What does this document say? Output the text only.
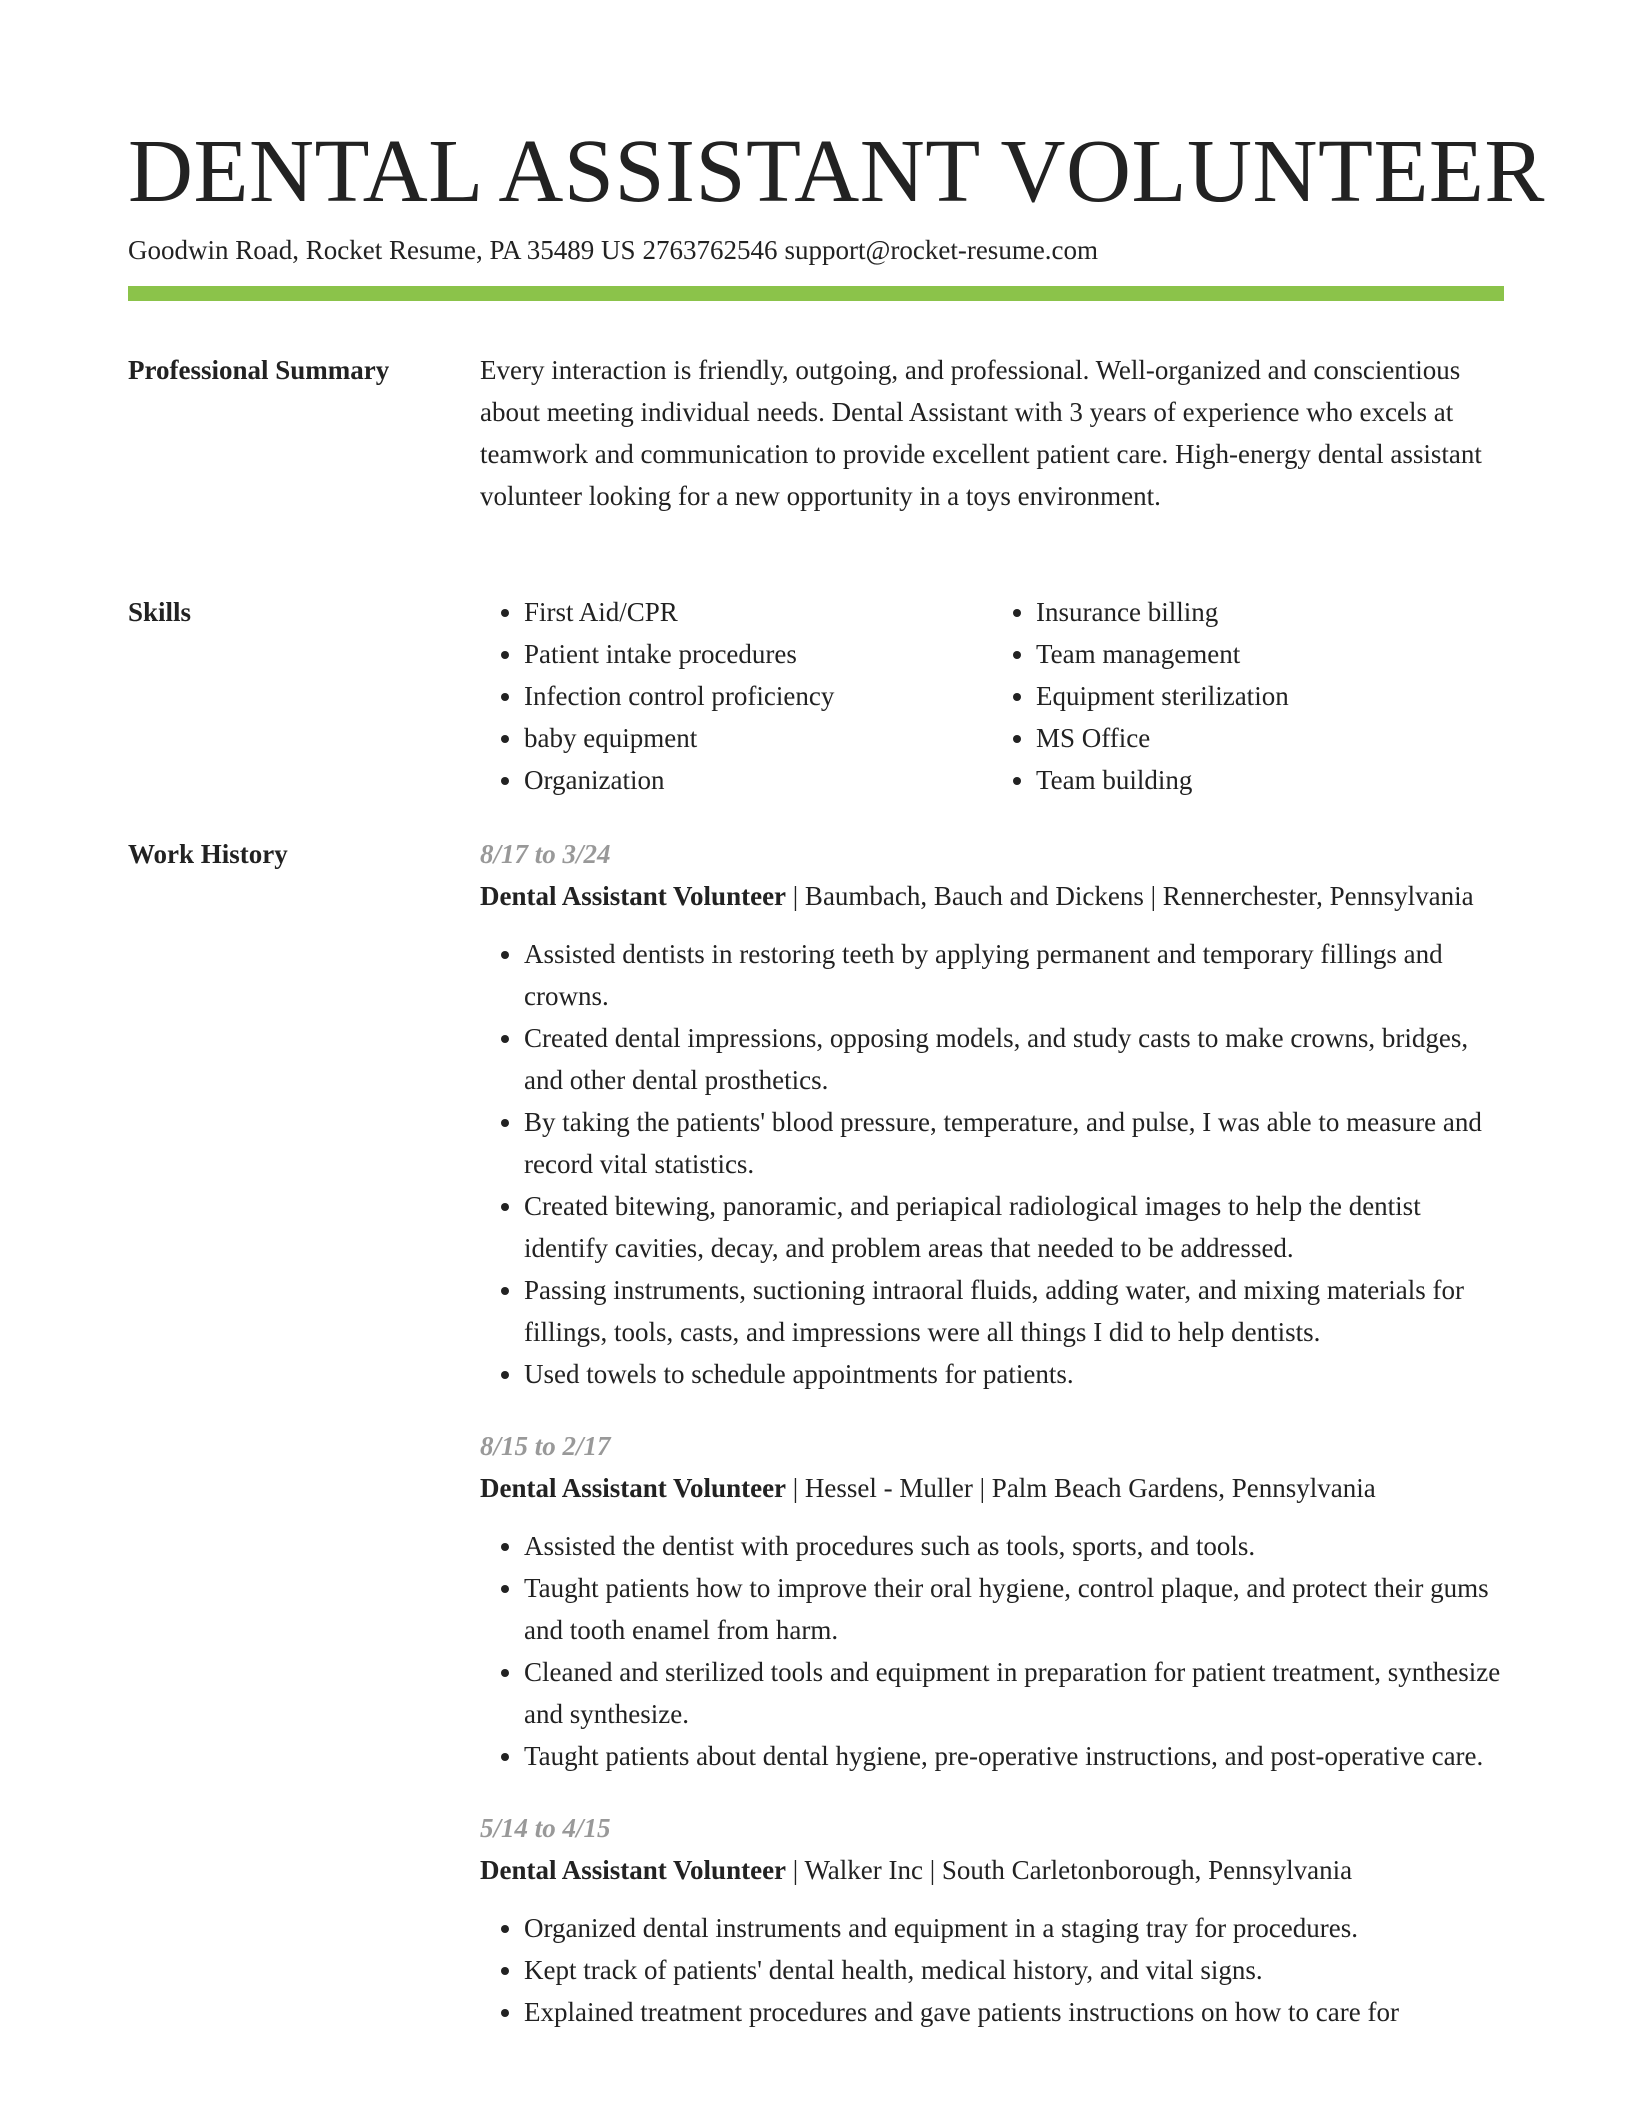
DENTAL ASSISTANT VOLUNTEER
Goodwin Road, Rocket Resume, PA 35489 US 2763762546 support@rocket-resume.com
Professional Summary	Every interaction is friendly, outgoing, and professional. Well-organized and conscientious about meeting individual needs. Dental Assistant with 3 years of experience who excels at teamwork and communication to provide excellent patient care. High-energy dental assistant volunteer looking for a new opportunity in a toys environment.

Skills
•	First Aid/CPR
• Patient intake procedures
• Infection control proficiency
• baby equipment
• Organization
• Insurance billing
• Team management
• Equipment sterilization
• MS Office
• Team building
Work History	8/17 to 3/24
Dental Assistant Volunteer | Baumbach, Bauch and Dickens | Rennerchester, Pennsylvania
• Assisted dentists in restoring teeth by applying permanent and temporary fillings and crowns.
• Created dental impressions, opposing models, and study casts to make crowns, bridges, and other dental prosthetics.
• By taking the patients' blood pressure, temperature, and pulse, I was able to measure and record vital statistics.
• Created bitewing, panoramic, and periapical radiological images to help the dentist identify cavities, decay, and problem areas that needed to be addressed.
• Passing instruments, suctioning intraoral fluids, adding water, and mixing materials for fillings, tools, casts, and impressions were all things I did to help dentists.
• Used towels to schedule appointments for patients.
8/15 to 2/17
Dental Assistant Volunteer | Hessel - Muller | Palm Beach Gardens, Pennsylvania
• Assisted the dentist with procedures such as tools, sports, and tools.
• Taught patients how to improve their oral hygiene, control plaque, and protect their gums and tooth enamel from harm.
• Cleaned and sterilized tools and equipment in preparation for patient treatment, synthesize and synthesize.
• Taught patients about dental hygiene, pre-operative instructions, and post-operative care.
5/14 to 4/15
Dental Assistant Volunteer | Walker Inc | South Carletonborough, Pennsylvania
• Organized dental instruments and equipment in a staging tray for procedures.
• Kept track of patients' dental health, medical history, and vital signs.
• Explained treatment procedures and gave patients instructions on how to care for
